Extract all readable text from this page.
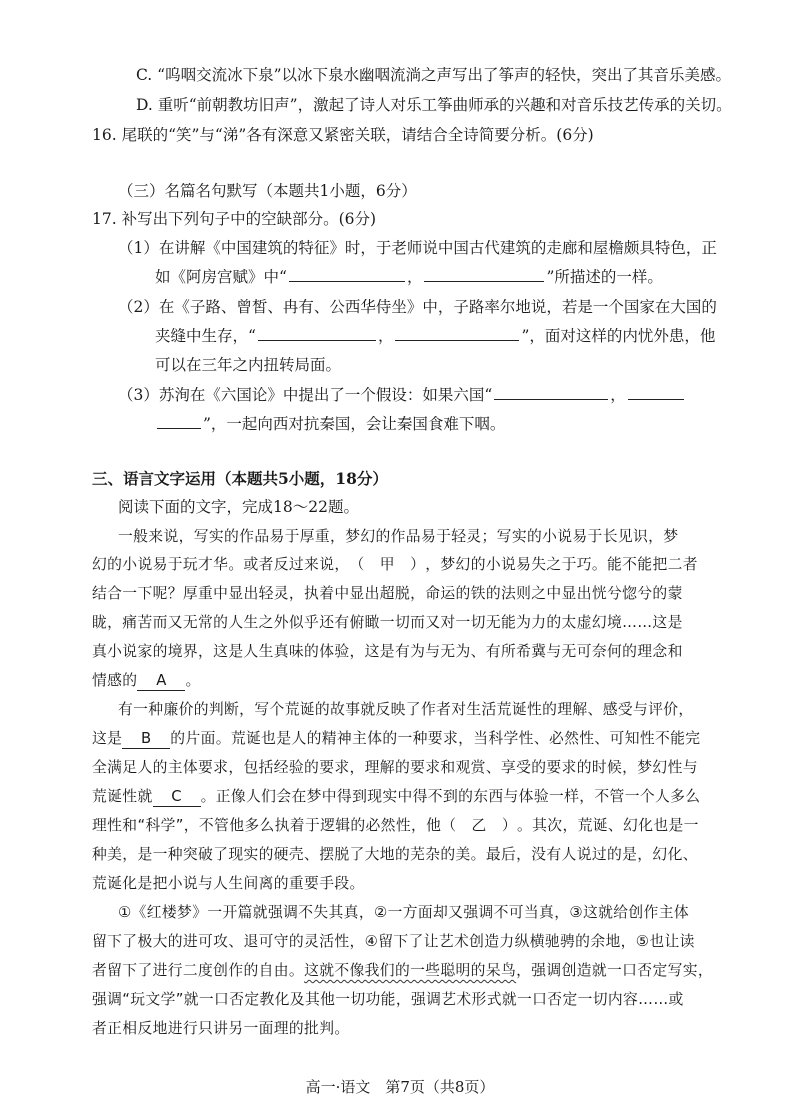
C. “呜咽交流冰下泉”以冰下泉水幽咽流淌之声写出了筝声的轻快，突出了其音乐美感。
D. 重听“前朝教坊旧声”，激起了诗人对乐工筝曲师承的兴趣和对音乐技艺传承的关切。
16. 尾联的“笑”与“涕”各有深意又紧密关联，请结合全诗简要分析。(6分)
（三）名篇名句默写（本题共1小题，6分）
17. 补写出下列句子中的空缺部分。(6分)
（1）在讲解《中国建筑的特征》时，于老师说中国古代建筑的走廊和屋檐颇具特色，正
如《阿房宫赋》中“	，	”所描述的一样。
（2）在《子路、曾皙、冉有、公西华侍坐》中，子路率尔地说，若是一个国家在大国的
夹缝中生存，“	，	”，面对这样的内忧外患，他
可以在三年之内扭转局面。
（3）苏洵在《六国论》中提出了一个假设：如果六国“	，
”，一起向西对抗秦国，会让秦国食难下咽。
三、语言文字运用（本题共5小题，18分）
阅读下面的文字，完成18～22题。
一般来说，写实的作品易于厚重，梦幻的作品易于轻灵；写实的小说易于长见识，梦
幻的小说易于玩才华。或者反过来说，（　甲　），梦幻的小说易失之于巧。能不能把二者
结合一下呢？厚重中显出轻灵，执着中显出超脱，命运的铁的法则之中显出恍兮惚兮的蒙
眬，痛苦而又无常的人生之外似乎还有俯瞰一切而又对一切无能为力的太虚幻境……这是
真小说家的境界，这是人生真味的体验，这是有为与无为、有所希冀与无可奈何的理念和
情感的 A 。
有一种廉价的判断，写个荒诞的故事就反映了作者对生活荒诞性的理解、感受与评价，
这是 B 的片面。荒诞也是人的精神主体的一种要求，当科学性、必然性、可知性不能完
全满足人的主体要求，包括经验的要求，理解的要求和观赏、享受的要求的时候，梦幻性与
荒诞性就 C 。正像人们会在梦中得到现实中得不到的东西与体验一样，不管一个人多么
理性和“科学”，不管他多么执着于逻辑的必然性，他（　乙　）。其次，荒诞、幻化也是一
种美，是一种突破了现实的硬壳、摆脱了大地的芜杂的美。最后，没有人说过的是，幻化、
荒诞化是把小说与人生间离的重要手段。
①《红楼梦》一开篇就强调不失其真，②一方面却又强调不可当真，③这就给创作主体
留下了极大的进可攻、退可守的灵活性，④留下了让艺术创造力纵横驰骋的余地，⑤也让读
者留下了进行二度创作的自由。这就不像我们的一些聪明的呆鸟，强调创造就一口否定写实，
强调“玩文学”就一口否定教化及其他一切功能，强调艺术形式就一口否定一切内容……或
者正相反地进行只讲另一面理的批判。
高一·语文　第7页（共8页）
